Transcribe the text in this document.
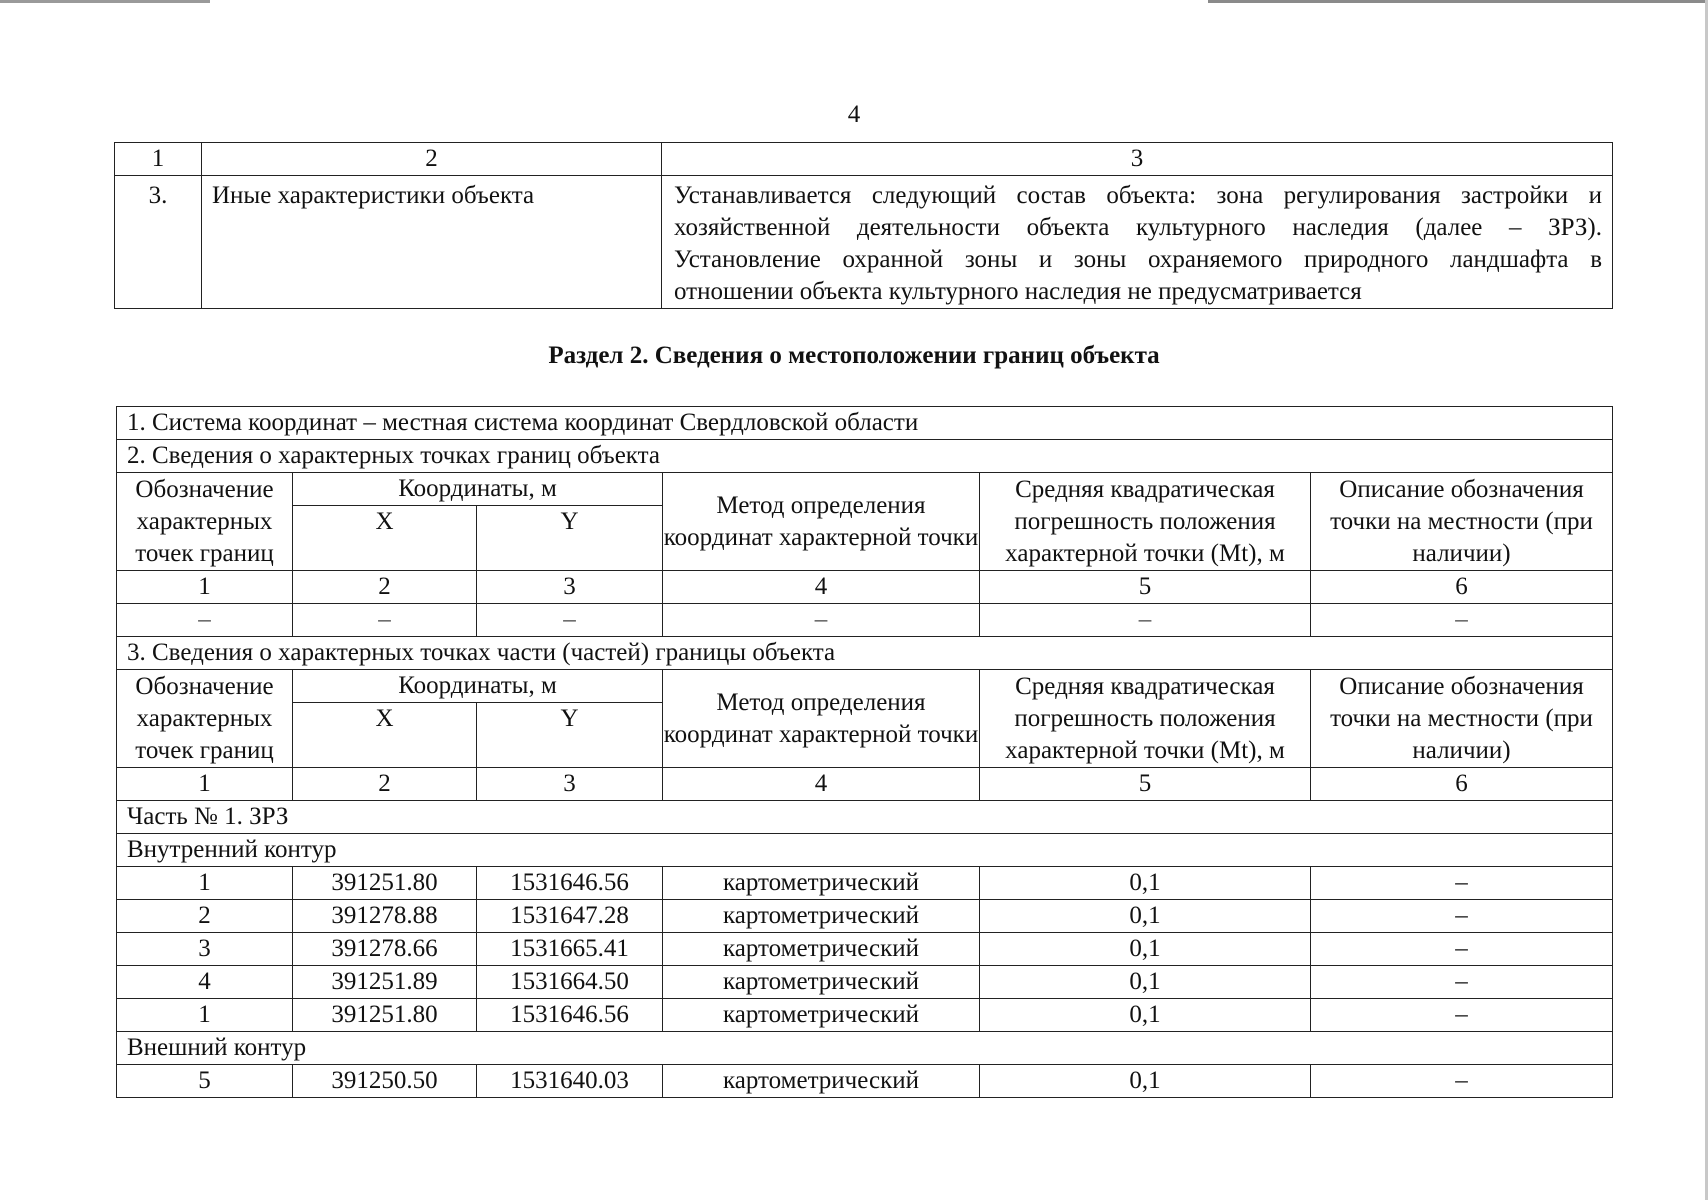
4
1	2	3
3.	Иные характеристики объекта	Устанавливается следующий состав объекта: зона регулирования застройки и хозяйственной деятельности объекта культурного наследия (далее – ЗРЗ). Установление охранной зоны и зоны охраняемого природного ландшафта в отношении объекта культурного наследия не предусматривается
Раздел 2. Сведения о местоположении границ объекта
1. Система координат – местная система координат Свердловской области					
2. Сведения о характерных точках границ объекта					
Обозначение характерных точек границ	Координаты, м		Метод определения координат характерной точки	Средняя квадратическая погрешность положения характерной точки (Mt), м	Описание обозначения точки на местности (при наличии)
	X	Y			
1	2	3	4	5	6
–	–	–	–	–	–
3. Сведения о характерных точках части (частей) границы объекта					
Обозначение характерных точек границ	Координаты, м		Метод определения координат характерной точки	Средняя квадратическая погрешность положения характерной точки (Mt), м	Описание обозначения точки на местности (при наличии)
	X	Y			
1	2	3	4	5	6
Часть № 1. ЗРЗ					
Внутренний контур					
1	391251.80	1531646.56	картометрический	0,1	–
2	391278.88	1531647.28	картометрический	0,1	–
3	391278.66	1531665.41	картометрический	0,1	–
4	391251.89	1531664.50	картометрический	0,1	–
1	391251.80	1531646.56	картометрический	0,1	–
Внешний контур					
5	391250.50	1531640.03	картометрический	0,1	–
